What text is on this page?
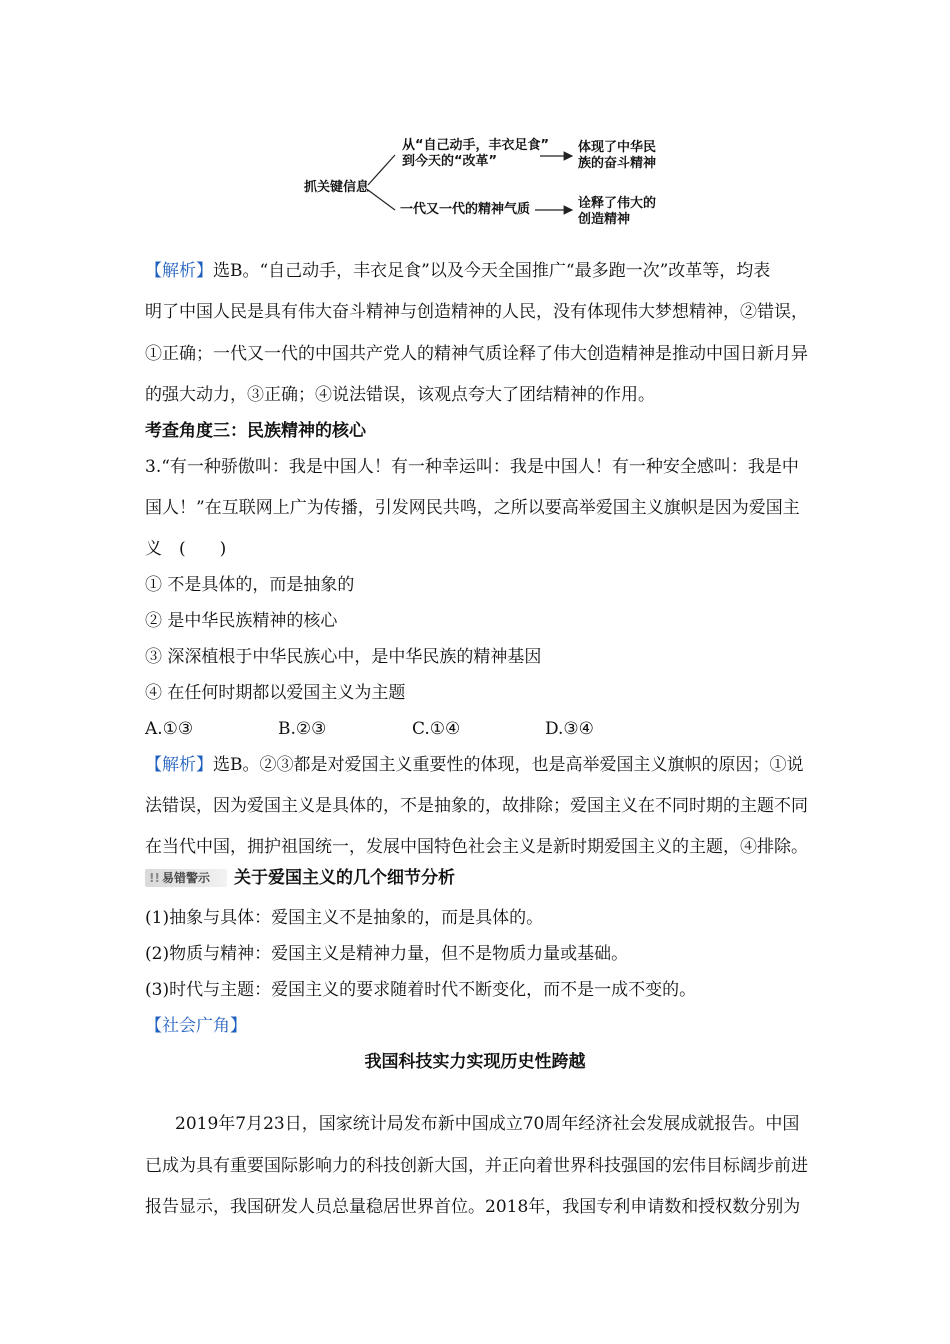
抓关键信息
从“自己动手，丰衣足食”
到今天的“改革”
体现了中华民
族的奋斗精神
一代又一代的精神气质	诠释了伟大的
创造精神
【解析】选B。“自己动手，丰衣足食”以及今天全国推广“最多跑一次”改革等，均表
明了中国人民是具有伟大奋斗精神与创造精神的人民，没有体现伟大梦想精神，②错误，
①正确；一代又一代的中国共产党人的精神气质诠释了伟大创造精神是推动中国日新月异
的强大动力，③正确；④说法错误，该观点夸大了团结精神的作用。
考查角度三：民族精神的核心
3.“有一种骄傲叫：我是中国人！有一种幸运叫：我是中国人！有一种安全感叫：我是中
国人！”在互联网上广为传播，引发网民共鸣，之所以要高举爱国主义旗帜是因为爱国主
义　(　　)
① 不是具体的，而是抽象的
② 是中华民族精神的核心
③ 深深植根于中华民族心中，是中华民族的精神基因
④ 在任何时期都以爱国主义为主题
A.①③	B.②③	C.①④	D.③④
【解析】选B。②③都是对爱国主义重要性的体现，也是高举爱国主义旗帜的原因；①说
法错误，因为爱国主义是具体的，不是抽象的，故排除；爱国主义在不同时期的主题不同
在当代中国，拥护祖国统一，发展中国特色社会主义是新时期爱国主义的主题，④排除。
!! 易错警示	关于爱国主义的几个细节分析
(1)抽象与具体：爱国主义不是抽象的，而是具体的。
(2)物质与精神：爱国主义是精神力量，但不是物质力量或基础。
(3)时代与主题：爱国主义的要求随着时代不断变化，而不是一成不变的。
【社会广角】
我国科技实力实现历史性跨越
2019年7月23日，国家统计局发布新中国成立70周年经济社会发展成就报告。中国
已成为具有重要国际影响力的科技创新大国，并正向着世界科技强国的宏伟目标阔步前进
报告显示，我国研发人员总量稳居世界首位。2018年，我国专利申请数和授权数分别为
